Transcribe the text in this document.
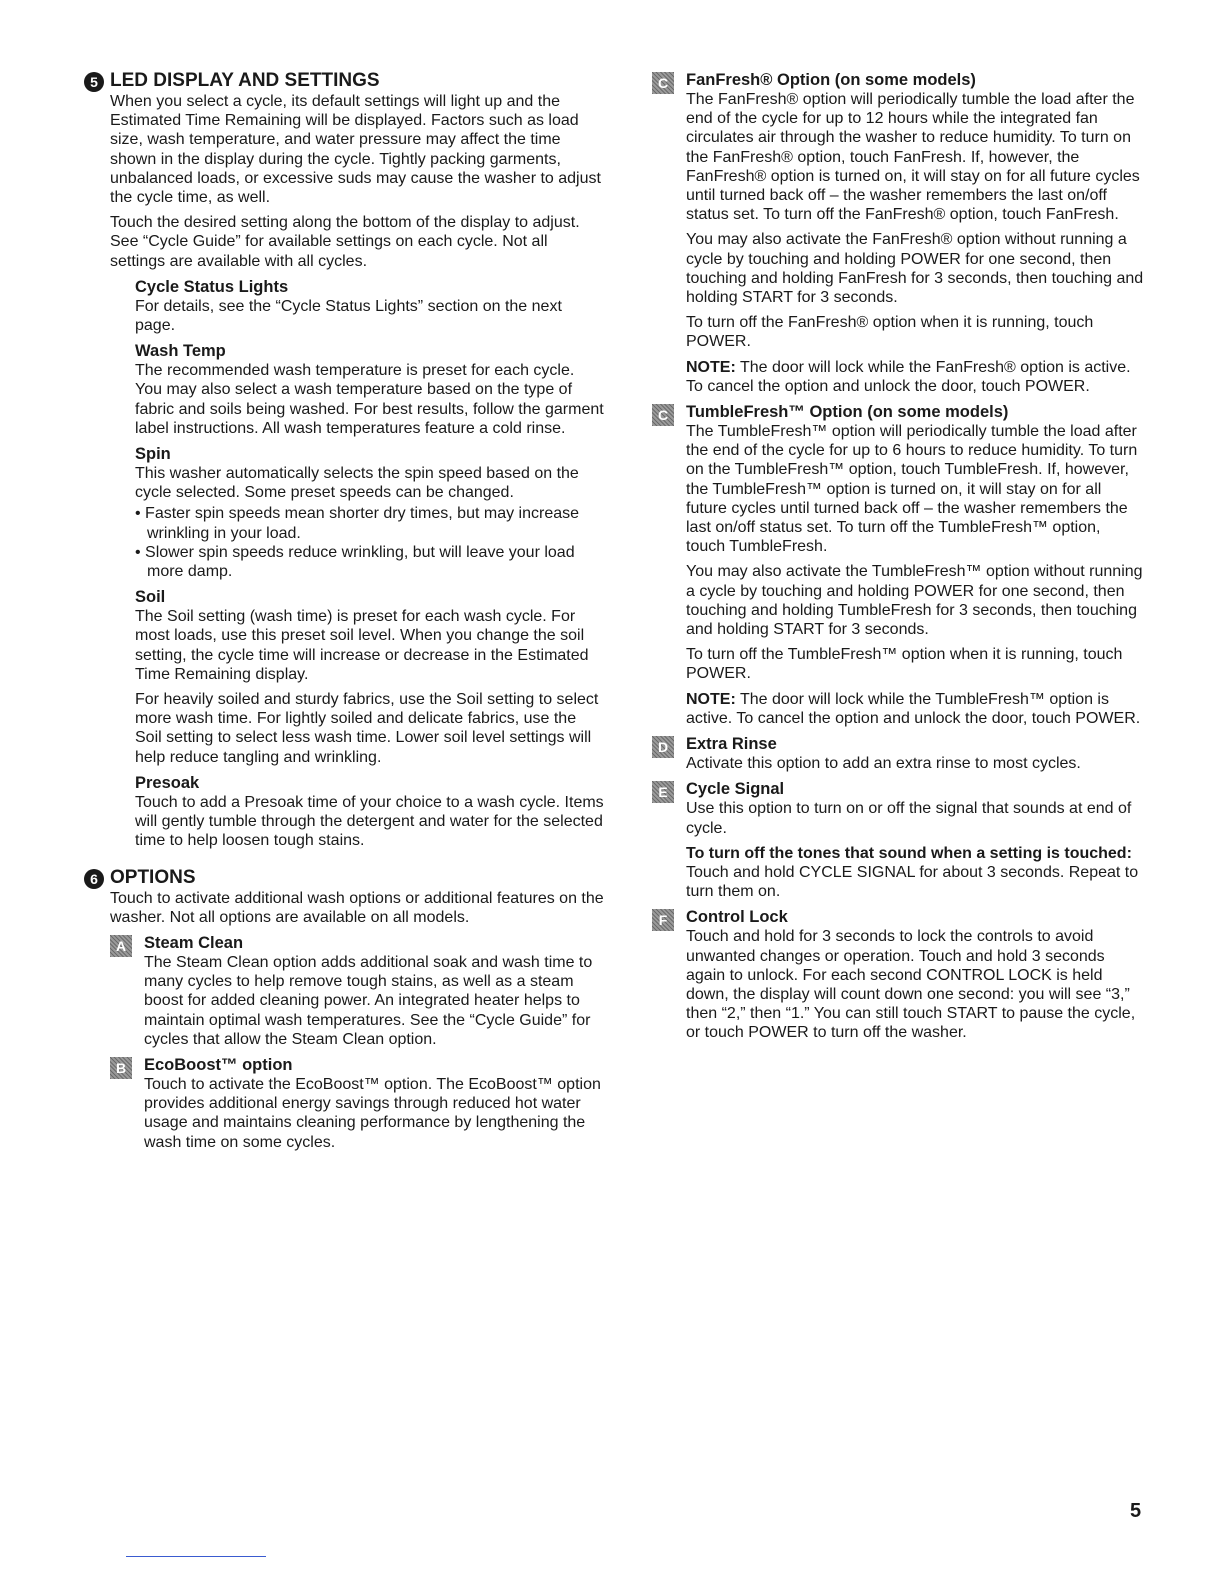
5 LED DISPLAY AND SETTINGS

When you select a cycle, its default settings will light up and the Estimated Time Remaining will be displayed. Factors such as load size, wash temperature, and water pressure may affect the time shown in the display during the cycle. Tightly packing garments, unbalanced loads, or excessive suds may cause the washer to adjust the cycle time, as well.

Touch the desired setting along the bottom of the display to adjust. See “Cycle Guide” for available settings on each cycle. Not all settings are available with all cycles.

Cycle Status Lights

For details, see the “Cycle Status Lights” section on the next page.

Wash Temp

The recommended wash temperature is preset for each cycle. You may also select a wash temperature based on the type of fabric and soils being washed. For best results, follow the garment label instructions. All wash temperatures feature a cold rinse.

Spin

This washer automatically selects the spin speed based on the cycle selected. Some preset speeds can be changed.

• Faster spin speeds mean shorter dry times, but may increase wrinkling in your load.
• Slower spin speeds reduce wrinkling, but will leave your load more damp.
Soil

The Soil setting (wash time) is preset for each wash cycle. For most loads, use this preset soil level. When you change the soil setting, the cycle time will increase or decrease in the Estimated Time Remaining display.

For heavily soiled and sturdy fabrics, use the Soil setting to select more wash time. For lightly soiled and delicate fabrics, use the Soil setting to select less wash time. Lower soil level settings will help reduce tangling and wrinkling.

Presoak

Touch to add a Presoak time of your choice to a wash cycle. Items will gently tumble through the detergent and water for the selected time to help loosen tough stains.

6 OPTIONS

Touch to activate additional wash options or additional features on the washer. Not all options are available on all models.

A	Steam Clean

The Steam Clean option adds additional soak and wash time to many cycles to help remove tough stains, as well as a steam boost for added cleaning power. An integrated heater helps to maintain optimal wash temperatures. See the “Cycle Guide” for cycles that allow the Steam Clean option.

B	EcoBoost™ option

Touch to activate the EcoBoost™ option. The EcoBoost™ option provides additional energy savings through reduced hot water usage and maintains cleaning performance by lengthening the wash time on some cycles.

C	FanFresh® Option (on some models)

The FanFresh® option will periodically tumble the load after the end of the cycle for up to 12 hours while the integrated fan circulates air through the washer to reduce humidity. To turn on the FanFresh® option, touch FanFresh. If, however, the FanFresh® option is turned on, it will stay on for all future cycles until turned back off – the washer remembers the last on/off status set. To turn off the FanFresh® option, touch FanFresh.

You may also activate the FanFresh® option without running a cycle by touching and holding POWER for one second, then touching and holding FanFresh for 3 seconds, then touching and holding START for 3 seconds.

To turn off the FanFresh® option when it is running, touch POWER.

NOTE: The door will lock while the FanFresh® option is active. To cancel the option and unlock the door, touch POWER.

C	TumbleFresh™ Option (on some models)

The TumbleFresh™ option will periodically tumble the load after the end of the cycle for up to 6 hours to reduce humidity. To turn on the TumbleFresh™ option, touch TumbleFresh. If, however, the TumbleFresh™ option is turned on, it will stay on for all future cycles until turned back off – the washer remembers the last on/off status set. To turn off the TumbleFresh™ option, touch TumbleFresh.

You may also activate the TumbleFresh™ option without running a cycle by touching and holding POWER for one second, then touching and holding TumbleFresh for 3 seconds, then touching and holding START for 3 seconds.

To turn off the TumbleFresh™ option when it is running, touch POWER.

NOTE: The door will lock while the TumbleFresh™ option is active. To cancel the option and unlock the door, touch POWER.

D	Extra Rinse

Activate this option to add an extra rinse to most cycles.

E	Cycle Signal

Use this option to turn on or off the signal that sounds at end of cycle.

To turn off the tones that sound when a setting is touched: Touch and hold CYCLE SIGNAL for about 3 seconds. Repeat to turn them on.

F	Control Lock

Touch and hold for 3 seconds to lock the controls to avoid unwanted changes or operation. Touch and hold 3 seconds again to unlock. For each second CONTROL LOCK is held down, the display will count down one second: you will see “3,” then “2,” then “1.” You can still touch START to pause the cycle, or touch POWER to turn off the washer.

5
